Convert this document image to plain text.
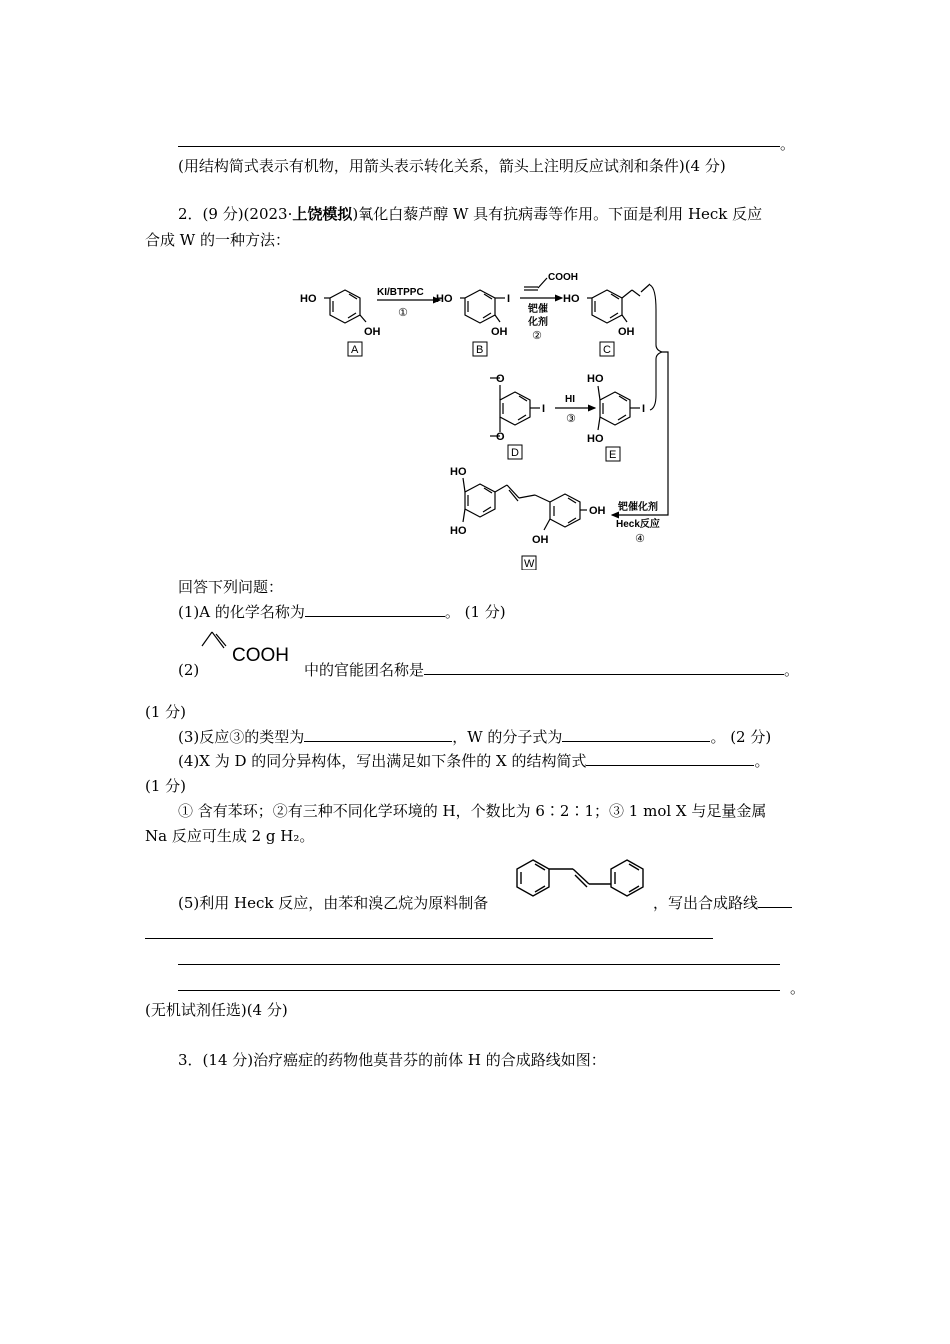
。
(用结构简式表示有机物，用箭头表示转化关系，箭头上注明反应试剂和条件)(4 分)
2．(9 分)(2023·上饶模拟)氧化白藜芦醇 W 具有抗病毒等作用。下面是利用 Heck 反应
合成 W 的一种方法：
HO
OH
A
KI/BTPPC
①
HO
OH
I
B
COOH
钯催
化剂
②
HO
OH
C
O
O
I
D
HI
③
HO
HO
I
E
钯催化剂
Heck反应
④
HO
HO
OH
OH
W
回答下列问题：
(1)A 的化学名称为	。 (1 分)
(2)
COOH
中的官能团名称是	。
(1 分)
(3)反应③的类型为	，W 的分子式为	。 (2 分)
(4)X 为 D 的同分异构体，写出满足如下条件的 X 的结构简式	。
(1 分)
① 含有苯环；②有三种不同化学环境的 H，个数比为 6∶2∶1；③ 1 mol X 与足量金属
Na 反应可生成 2 g H₂。
(5)利用 Heck 反应，由苯和溴乙烷为原料制备	，写出合成路线
。
(无机试剂任选)(4 分)
3．(14 分)治疗癌症的药物他莫昔芬的前体 H 的合成路线如图：
